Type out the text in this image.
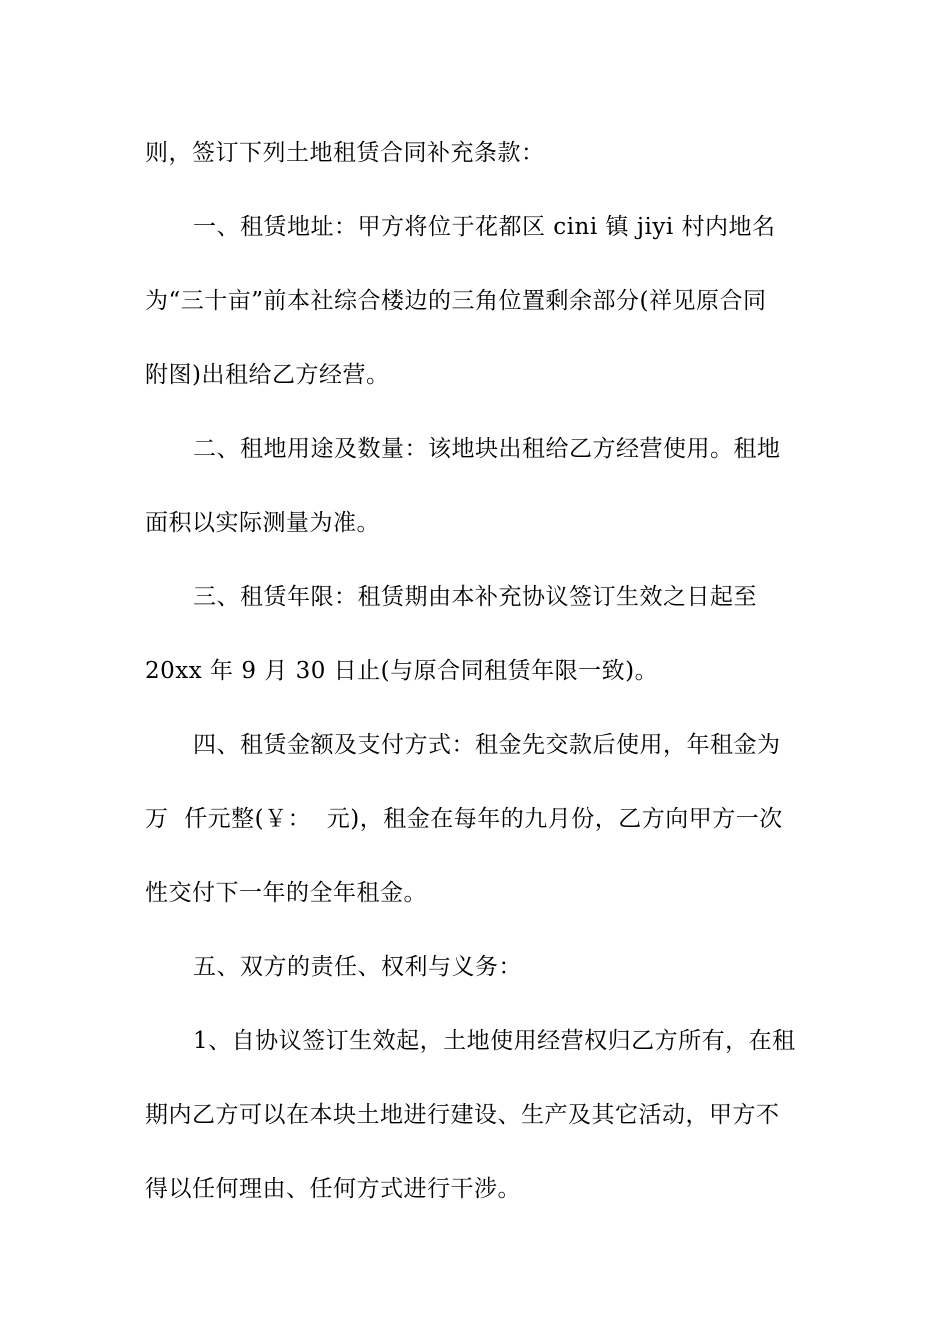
则，签订下列土地租赁合同补充条款：
一、租赁地址：甲方将位于花都区 cini 镇 jiyi 村内地名
为“三十亩”前本社综合楼边的三角位置剩余部分(祥见原合同
附图)出租给乙方经营。
二、租地用途及数量：该地块出租给乙方经营使用。租地
面积以实际测量为准。
三、租赁年限：租赁期由本补充协议签订生效之日起至
20xx 年 9 月 30 日止(与原合同租赁年限一致)。
四、租赁金额及支付方式：租金先交款后使用，年租金为
万  仟元整(￥：  元)，租金在每年的九月份，乙方向甲方一次
性交付下一年的全年租金。
五、双方的责任、权利与义务：
1、自协议签订生效起，土地使用经营权归乙方所有，在租
期内乙方可以在本块土地进行建设、生产及其它活动，甲方不
得以任何理由、任何方式进行干涉。
